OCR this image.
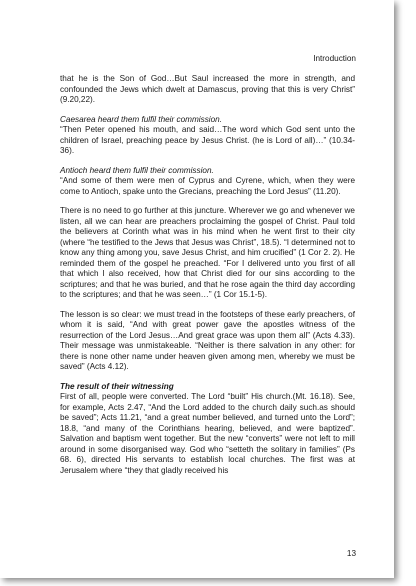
Introduction

that he is the Son of God…But Saul increased the more in strength, and confounded the Jews which dwelt at Damascus, proving that this is very Christ” (9.20,22).

Caesarea heard them fulfil their commission.

“Then Peter opened his mouth, and said…The word which God sent unto the children of Israel, preaching peace by Jesus Christ. (he is Lord of all)…” (10.34-36).

Antioch heard them fulfil their commission.

“And some of them were men of Cyprus and Cyrene, which, when they were come to Antioch, spake unto the Grecians, preaching the Lord Jesus” (11.20).

There is no need to go further at this juncture. Wherever we go and whenever we listen, all we can hear are preachers proclaiming the gospel of Christ. Paul told the believers at Corinth what was in his mind when he went first to their city (where “he testified to the Jews that Jesus was Christ”, 18.5). “I determined not to know any thing among you, save Jesus Christ, and him crucified” (1 Cor 2. 2). He reminded them of the gospel he preached. “For I delivered unto you first of all that which I also received, how that Christ died for our sins according to the scriptures; and that he was buried, and that he rose again the third day according to the scriptures; and that he was seen…” (1 Cor 15.1-5).

The lesson is so clear: we must tread in the footsteps of these early preachers, of whom it is said, “And with great power gave the apostles witness of the resurrection of the Lord Jesus…And great grace was upon them all” (Acts 4.33). Their message was unmistakeable. “Neither is there salvation in any other: for there is none other name under heaven given among men, whereby we must be saved” (Acts 4.12).

The result of their witnessing

First of all, people were converted. The Lord “built” His church.(Mt. 16.18). See, for example, Acts 2.47, “And the Lord added to the church daily such.as should be saved”; Acts 11.21, “and a great number believed, and turned unto the Lord”; 18.8, “and many of the Corinthians hearing, believed, and were baptized”. Salvation and baptism went together. But the new “converts” were not left to mill around in some disorganised way. God who “setteth the solitary in families” (Ps 68. 6), directed His servants to establish local churches. The first was at Jerusalem where “they that gladly received his

13
